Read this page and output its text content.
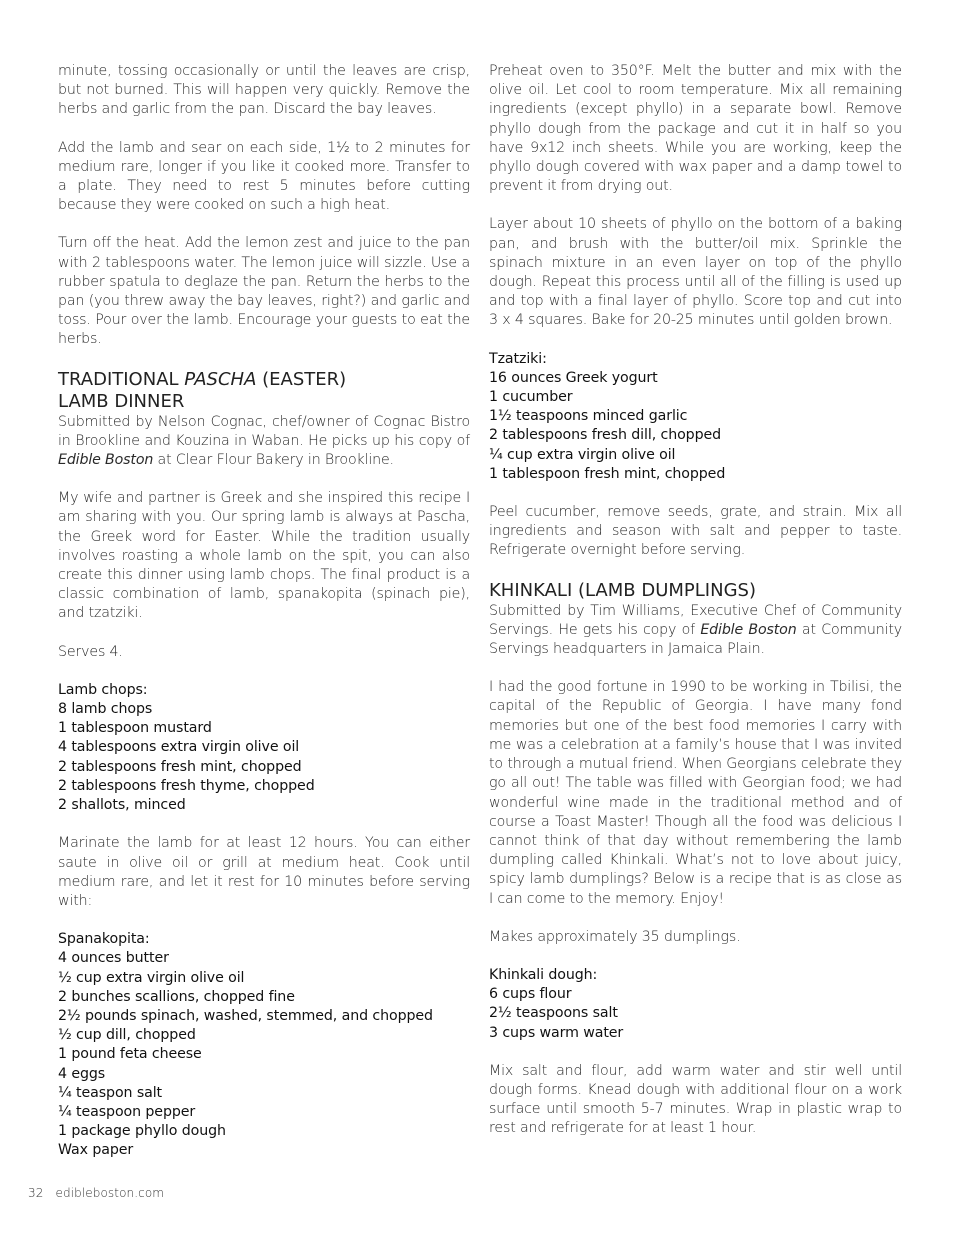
minute, tossing occasionally or until the leaves are crisp, but not burned. This will happen very quickly. Remove the herbs and garlic from the pan. Discard the bay leaves.

Add the lamb and sear on each side, 1½ to 2 minutes for medium rare, longer if you like it cooked more. Transfer to a plate. They need to rest 5 minutes before cutting because they were cooked on such a high heat.

Turn off the heat. Add the lemon zest and juice to the pan with 2 tablespoons water. The lemon juice will sizzle. Use a rubber spatula to deglaze the pan. Return the herbs to the pan (you threw away the bay leaves, right?) and garlic and toss. Pour over the lamb. Encourage your guests to eat the herbs.

TRADITIONAL PASCHA (EASTER)
LAMB DINNER

Submitted by Nelson Cognac, chef/owner of Cognac Bistro in Brookline and Kouzina in Waban. He picks up his copy of Edible Boston at Clear Flour Bakery in Brookline.

My wife and partner is Greek and she inspired this recipe I am sharing with you. Our spring lamb is always at Pascha, the Greek word for Easter. While the tradition usually involves roasting a whole lamb on the spit, you can also create this dinner using lamb chops. The final product is a classic combination of lamb, spanakopita (spinach pie), and tzatziki.

Serves 4.

Lamb chops:
8 lamb chops
1 tablespoon mustard
4 tablespoons extra virgin olive oil
2 tablespoons fresh mint, chopped
2 tablespoons fresh thyme, chopped
2 shallots, minced

Marinate the lamb for at least 12 hours. You can either saute in olive oil or grill at medium heat. Cook until medium rare, and let it rest for 10 minutes before serving with:

Spanakopita:
4 ounces butter
½ cup extra virgin olive oil
2 bunches scallions, chopped fine
2½ pounds spinach, washed, stemmed, and chopped
½ cup dill, chopped
1 pound feta cheese
4 eggs
¼ teaspon salt
¼ teaspoon pepper
1 package phyllo dough
Wax paper

Preheat oven to 350°F. Melt the butter and mix with the olive oil. Let cool to room temperature. Mix all remaining ingredients (except phyllo) in a separate bowl. Remove phyllo dough from the package and cut it in half so you have 9x12 inch sheets. While you are working, keep the phyllo dough covered with wax paper and a damp towel to prevent it from drying out.

Layer about 10 sheets of phyllo on the bottom of a baking pan, and brush with the butter/oil mix. Sprinkle the spinach mixture in an even layer on top of the phyllo dough. Repeat this process until all of the filling is used up and top with a final layer of phyllo. Score top and cut into 3 x 4 squares. Bake for 20-25 minutes until golden brown.

Tzatziki:
16 ounces Greek yogurt
1 cucumber
1½ teaspoons minced garlic
2 tablespoons fresh dill, chopped
¼ cup extra virgin olive oil
1 tablespoon fresh mint, chopped

Peel cucumber, remove seeds, grate, and strain. Mix all ingredients and season with salt and pepper to taste. Refrigerate overnight before serving.

KHINKALI (LAMB DUMPLINGS)

Submitted by Tim Williams, Executive Chef of Community Servings. He gets his copy of Edible Boston at Community Servings headquarters in Jamaica Plain.

I had the good fortune in 1990 to be working in Tbilisi, the capital of the Republic of Georgia. I have many fond memories but one of the best food memories I carry with me was a celebration at a family’s house that I was invited to through a mutual friend. When Georgians celebrate they go all out! The table was filled with Georgian food; we had wonderful wine made in the traditional method and of course a Toast Master! Though all the food was delicious I cannot think of that day without remembering the lamb dumpling called Khinkali. What’s not to love about juicy, spicy lamb dumplings? Below is a recipe that is as close as I can come to the memory. Enjoy!

Makes approximately 35 dumplings.

Khinkali dough:
6 cups flour
2½ teaspoons salt
3 cups warm water

Mix salt and flour, add warm water and stir well until dough forms. Knead dough with additional flour on a work surface until smooth 5-7 minutes. Wrap in plastic wrap to rest and refrigerate for at least 1 hour.

32 edibleboston.com
